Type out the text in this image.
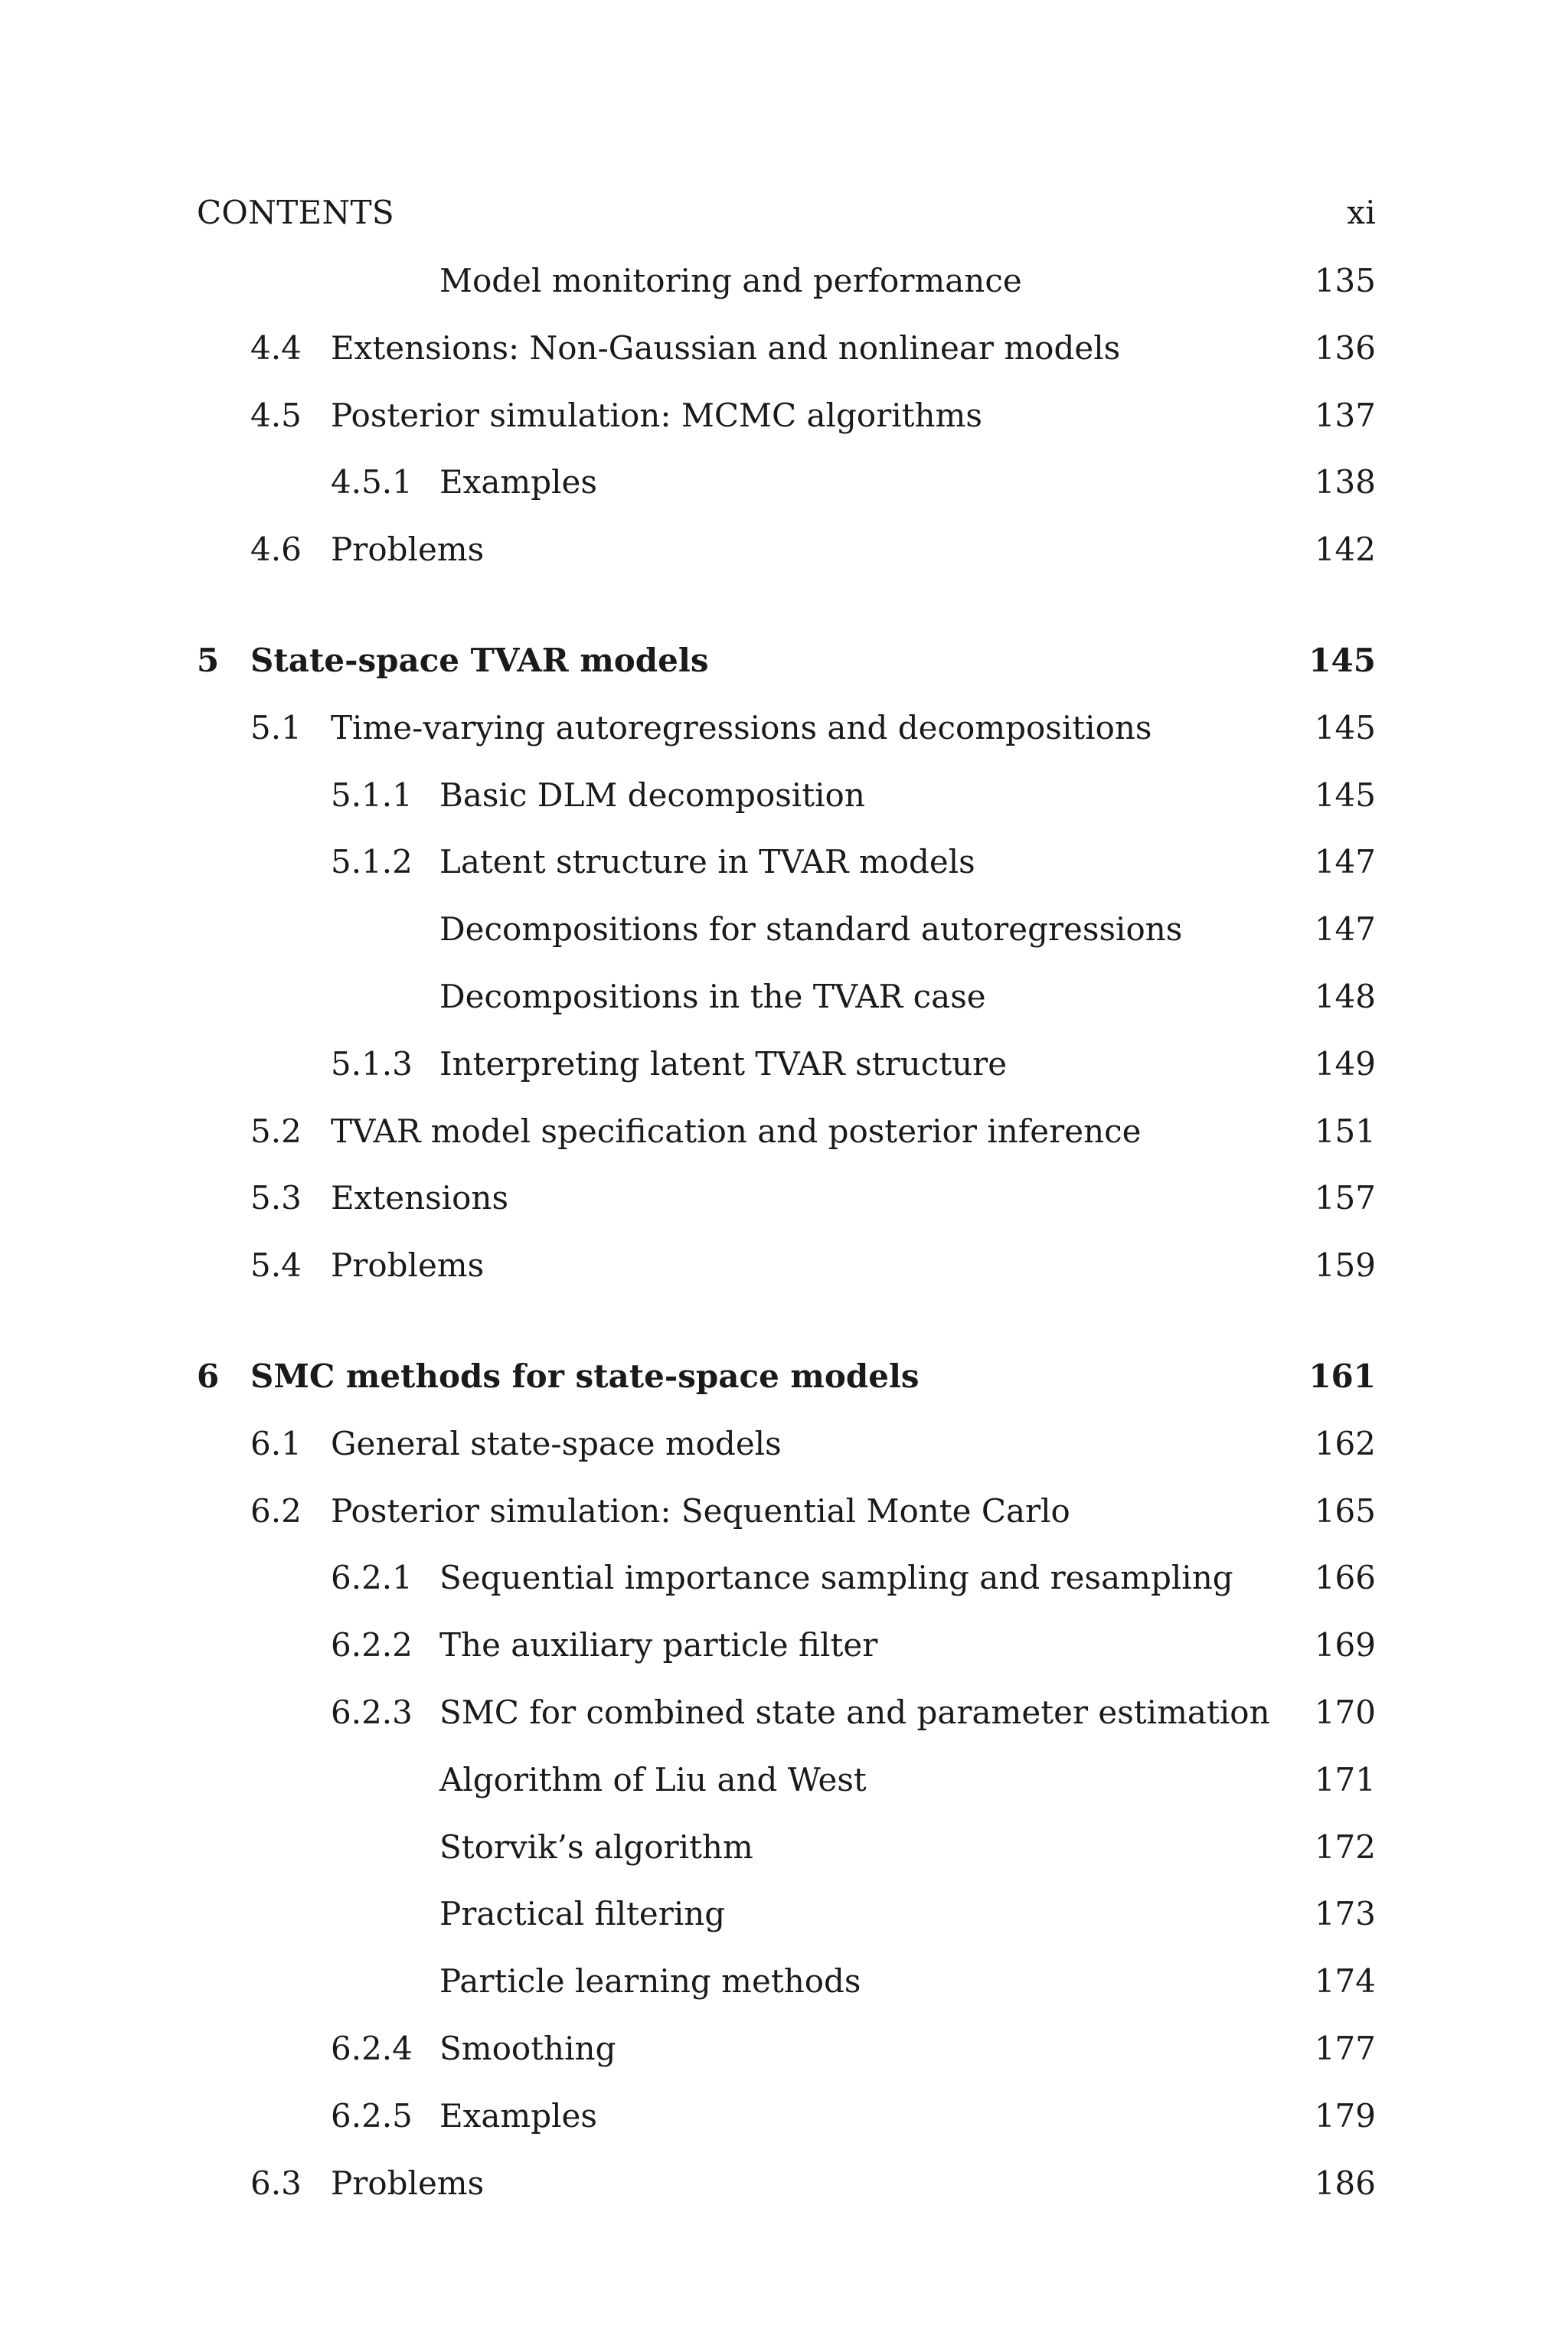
CONTENTS	xi
Model monitoring and performance	135
4.4 Extensions: Non-Gaussian and nonlinear models	136
4.5 Posterior simulation: MCMC algorithms	137
4.5.1 Examples	138
4.6 Problems	142
5 State-space TVAR models	145
5.1 Time-varying autoregressions and decompositions	145
5.1.1 Basic DLM decomposition	145
5.1.2 Latent structure in TVAR models	147
Decompositions for standard autoregressions	147
Decompositions in the TVAR case	148
5.1.3 Interpreting latent TVAR structure	149
5.2 TVAR model specification and posterior inference	151
5.3 Extensions	157
5.4 Problems	159
6 SMC methods for state-space models	161
6.1 General state-space models	162
6.2 Posterior simulation: Sequential Monte Carlo	165
6.2.1 Sequential importance sampling and resampling	166
6.2.2 The auxiliary particle filter	169
6.2.3 SMC for combined state and parameter estimation 170
Algorithm of Liu and West	171
Storvik’s algorithm	172
Practical filtering	173
Particle learning methods	174
6.2.4 Smoothing	177
6.2.5 Examples	179
6.3 Problems	186
